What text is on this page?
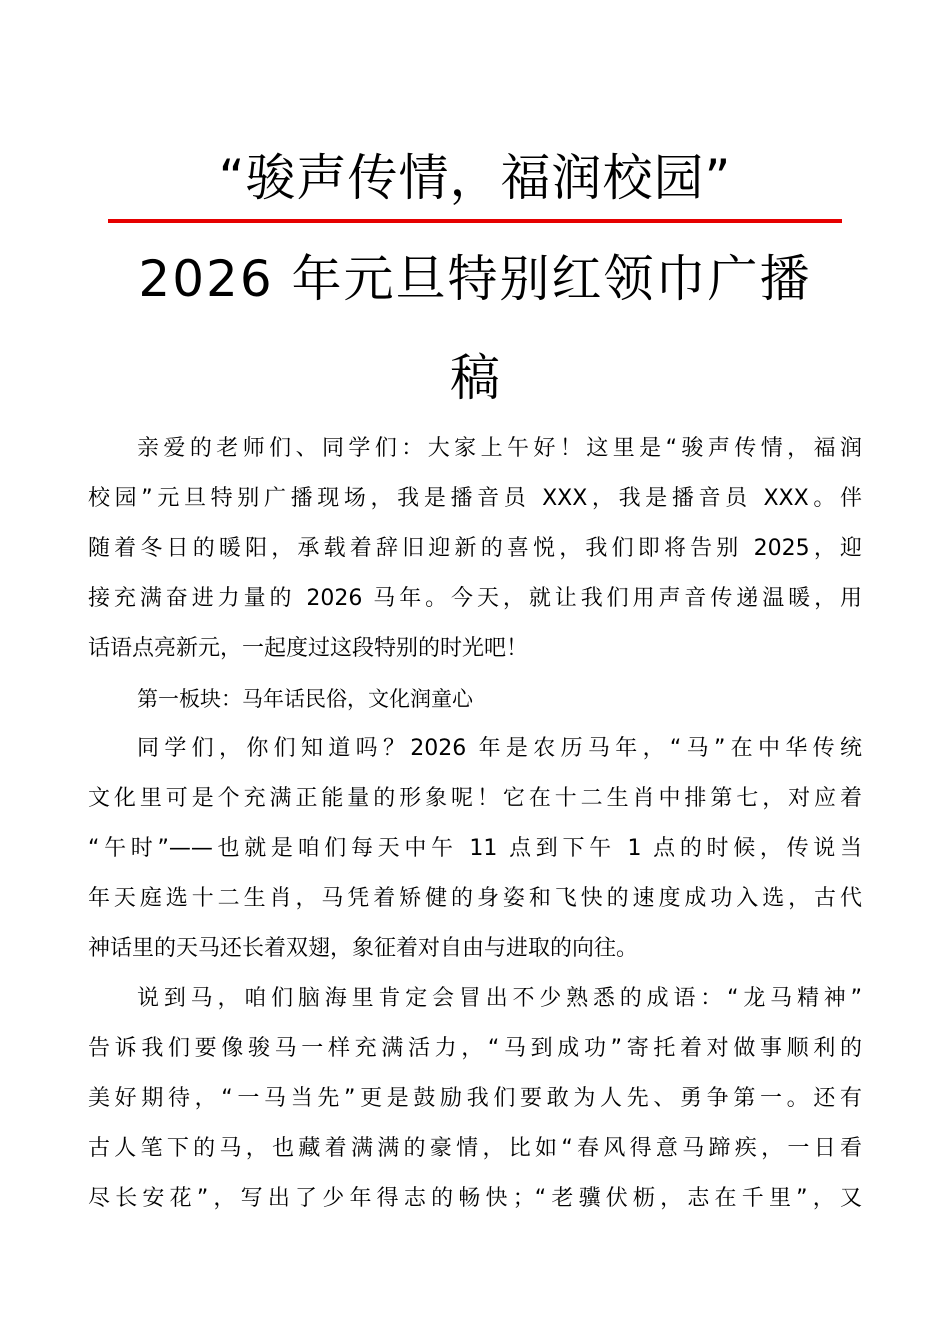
“骏声传情，福润校园”
2026 年元旦特别红领巾广播
稿
亲爱的老师们、同学们：大家上午好！这里是“骏声传情，福润
校园”元旦特别广播现场，我是播音员 XXX，我是播音员 XXX。伴
随着冬日的暖阳，承载着辞旧迎新的喜悦，我们即将告别 2025，迎
接充满奋进力量的 2026 马年。今天，就让我们用声音传递温暖，用
话语点亮新元，一起度过这段特别的时光吧！
第一板块：马年话民俗，文化润童心
同学们，你们知道吗？2026 年是农历马年，“马”在中华传统
文化里可是个充满正能量的形象呢！它在十二生肖中排第七，对应着
“午时”——也就是咱们每天中午 11 点到下午 1 点的时候，传说当
年天庭选十二生肖，马凭着矫健的身姿和飞快的速度成功入选，古代
神话里的天马还长着双翅，象征着对自由与进取的向往。
说到马，咱们脑海里肯定会冒出不少熟悉的成语：“龙马精神”
告诉我们要像骏马一样充满活力，“马到成功”寄托着对做事顺利的
美好期待，“一马当先”更是鼓励我们要敢为人先、勇争第一。还有
古人笔下的马，也藏着满满的豪情，比如“春风得意马蹄疾，一日看
尽长安花”，写出了少年得志的畅快；“老骥伏枥，志在千里”，又
